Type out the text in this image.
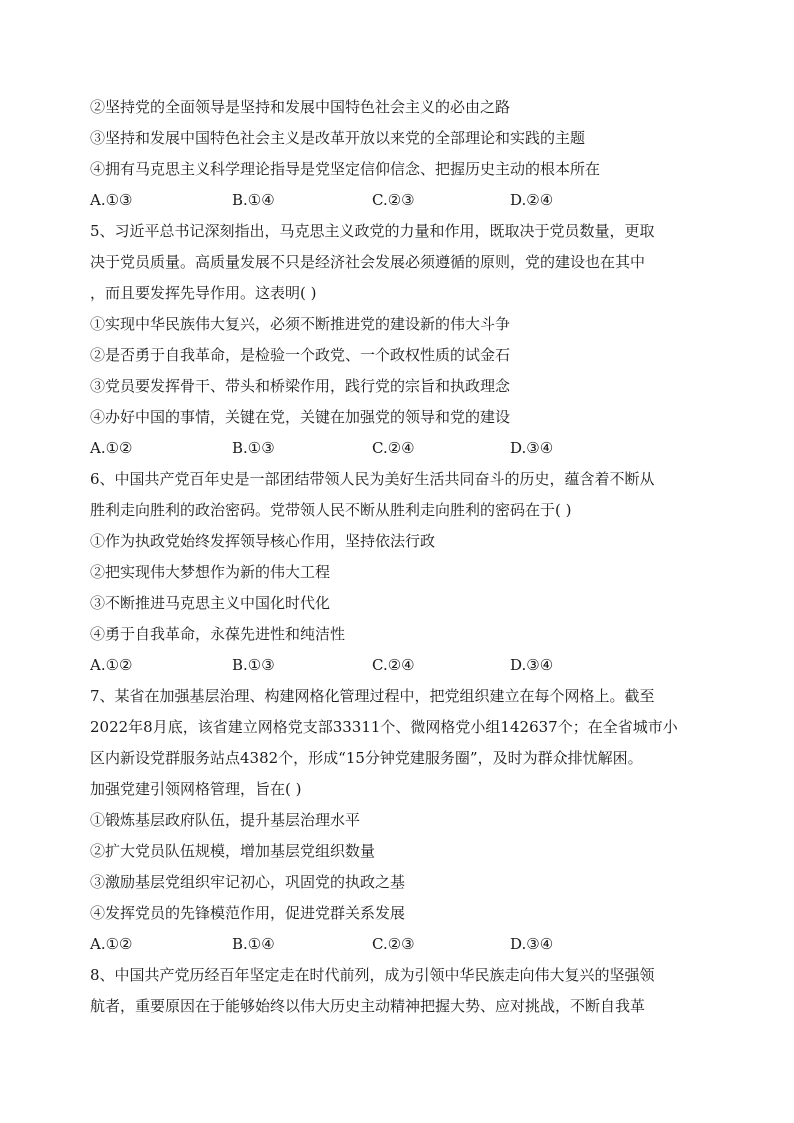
②坚持党的全面领导是坚持和发展中国特色社会主义的必由之路
③坚持和发展中国特色社会主义是改革开放以来党的全部理论和实践的主题
④拥有马克思主义科学理论指导是党坚定信仰信念、把握历史主动的根本所在
A.①③	B.①④	C.②③	D.②④
5、习近平总书记深刻指出，马克思主义政党的力量和作用，既取决于党员数量，更取
决于党员质量。高质量发展不只是经济社会发展必须遵循的原则，党的建设也在其中
，而且要发挥先导作用。这表明( )
①实现中华民族伟大复兴，必须不断推进党的建设新的伟大斗争
②是否勇于自我革命，是检验一个政党、一个政权性质的试金石
③党员要发挥骨干、带头和桥梁作用，践行党的宗旨和执政理念
④办好中国的事情，关键在党，关键在加强党的领导和党的建设
A.①②	B.①③	C.②④	D.③④
6、中国共产党百年史是一部团结带领人民为美好生活共同奋斗的历史，蕴含着不断从
胜利走向胜利的政治密码。党带领人民不断从胜利走向胜利的密码在于( )
①作为执政党始终发挥领导核心作用，坚持依法行政
②把实现伟大梦想作为新的伟大工程
③不断推进马克思主义中国化时代化
④勇于自我革命，永葆先进性和纯洁性
A.①②	B.①③	C.②④	D.③④
7、某省在加强基层治理、构建网格化管理过程中，把党组织建立在每个网格上。截至
2022年8月底，该省建立网格党支部33311个、微网格党小组142637个；在全省城市小
区内新设党群服务站点4382个，形成“15分钟党建服务圈”，及时为群众排忧解困。
加强党建引领网格管理，旨在( )
①锻炼基层政府队伍，提升基层治理水平
②扩大党员队伍规模，增加基层党组织数量
③激励基层党组织牢记初心，巩固党的执政之基
④发挥党员的先锋模范作用，促进党群关系发展
A.①②	B.①④	C.②③	D.③④
8、中国共产党历经百年坚定走在时代前列，成为引领中华民族走向伟大复兴的坚强领
航者，重要原因在于能够始终以伟大历史主动精神把握大势、应对挑战，不断自我革
